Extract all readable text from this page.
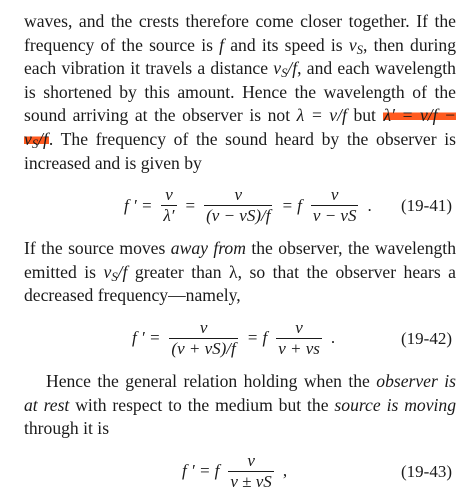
waves, and the crests therefore come closer together. If the frequency of the source is f and its speed is $v_S$, then during each vibration it travels a distance $v_S/f$, and each wavelength is shortened by this amount. Hence the wavelength of the sound arriving at the observer is not λ = v/f but $\lambda' = v/f - v_S/f$. The frequency of the sound heard by the observer is increased and is given by

f ′ = $\frac{v}{\lambda'} = \frac{v}{(v - vS)/f} = f \frac{v}{v - vS}$ . (19-41)

If the source moves away from the observer, the wavelength emitted is $v_S/f$ greater than λ, so that the observer hears a decreased frequency—namely,

f ′ = $\frac{v}{(v + vS)/f} = f \frac{v}{v + vs}$ .	(19-42)

Hence the general relation holding when the observer is at rest with respect to the medium but the source is moving through it is

f ′ = f $\frac{v}{v \pm vS}$ ,	(19-43)
